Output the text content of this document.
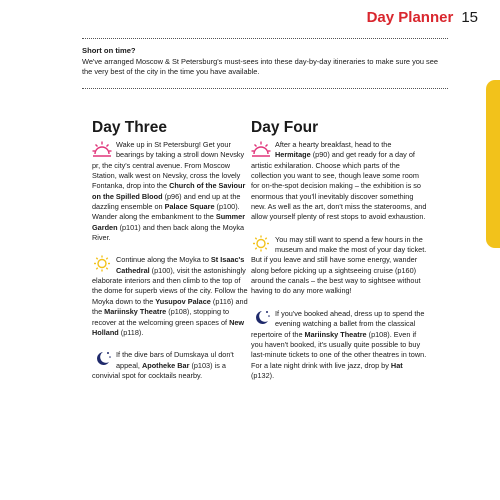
Day Planner 15
Short on time?
We've arranged Moscow & St Petersburg's must-sees into these day-by-day itineraries to make sure you see the very best of the city in the time you have available.
Day Three
Wake up in St Petersburg! Get your bearings by taking a stroll down Nevsky pr, the city's central avenue. From Moscow Station, walk west on Nevsky, cross the lovely Fontanka, drop into the Church of the Saviour on the Spilled Blood (p96) and end up at the dazzling ensemble on Palace Square (p100). Wander along the embankment to the Summer Garden (p101) and then back along the Moyka River.
Continue along the Moyka to St Isaac's Cathedral (p100), visit the astonishingly elaborate interiors and then climb to the top of the dome for superb views of the city. Follow the Moyka down to the Yusupov Palace (p116) and the Mariinsky Theatre (p108), stopping to recover at the welcoming green spaces of New Holland (p118).
If the dive bars of Dumskaya ul don't appeal, Apotheke Bar (p103) is a convivial spot for cocktails nearby.
Day Four
After a hearty breakfast, head to the Hermitage (p90) and get ready for a day of artistic exhilaration. Choose which parts of the collection you want to see, though leave some room for on-the-spot decision making – the exhibition is so enormous that you'll inevitably discover something new. As well as the art, don't miss the staterooms, and allow yourself plenty of rest stops to avoid exhaustion.
You may still want to spend a few hours in the museum and make the most of your day ticket. But if you leave and still have some energy, wander along before picking up a sightseeing cruise (p160) around the canals – the best way to sightsee without having to do any more walking!
If you've booked ahead, dress up to spend the evening watching a ballet from the classical repertoire of the Mariinsky Theatre (p108). Even if you haven't booked, it's usually quite possible to buy last-minute tickets to one of the other theatres in town. For a late night drink with live jazz, drop by Hat (p132).
